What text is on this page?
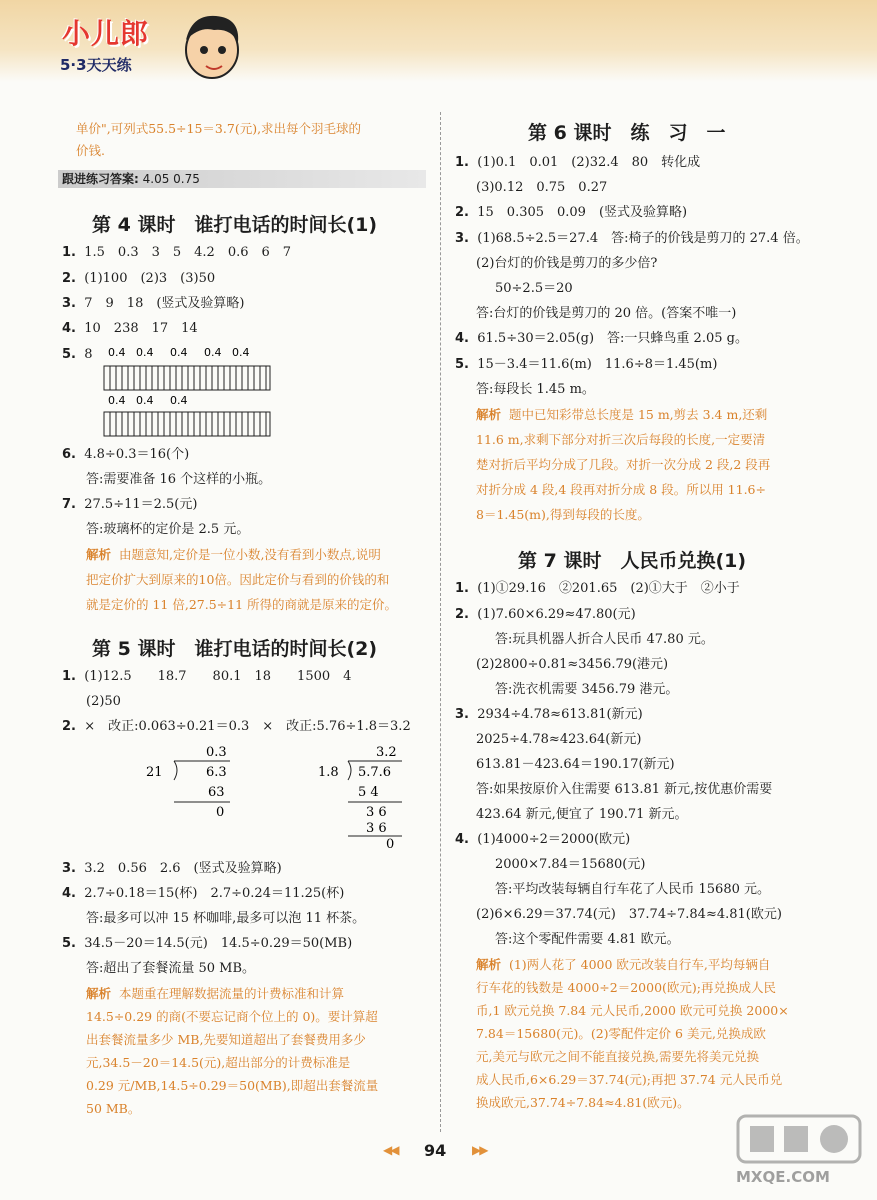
小儿郎
5·3天天练
单价",可列式55.5÷15＝3.7(元),求出每个羽毛球的
价钱.
跟进练习答案: 4.05 0.75
第 4 课时　谁打电话的时间长(1)
1. 1.5　0.3　3　5　4.2　0.6　6　7
2. (1)100　(2)3　(3)50
3. 7　9　18　(竖式及验算略)
4. 10　238　17　14
5. 8 0.4 0.4 0.4 0.4 0.4
0.4 0.4 0.4
6. 4.8÷0.3＝16(个)
答:需要准备 16 个这样的小瓶。
7. 27.5÷11＝2.5(元)
答:玻璃杯的定价是 2.5 元。
解析 由题意知,定价是一位小数,没有看到小数点,说明
把定价扩大到原来的10倍。因此定价与看到的价钱的和
就是定价的 11 倍,27.5÷11 所得的商就是原来的定价。
第 5 课时　谁打电话的时间长(2)
1. (1)12.5　　18.7　　80.1　18　　1500　4
(2)50
2. ×　改正:0.063÷0.21＝0.3　×　改正:5.76÷1.8＝3.2
0.3
21	6.3
63
0
3.2
1.8 5.7.6
5 4
3 6
3 6
0
3. 3.2　0.56　2.6　(竖式及验算略)
4. 2.7÷0.18＝15(杯)　2.7÷0.24＝11.25(杯)
答:最多可以冲 15 杯咖啡,最多可以泡 11 杯茶。
5. 34.5－20＝14.5(元)　14.5÷0.29＝50(MB)
答:超出了套餐流量 50 MB。
解析 本题重在理解数据流量的计费标准和计算
14.5÷0.29 的商(不要忘记商个位上的 0)。要计算超
出套餐流量多少 MB,先要知道超出了套餐费用多少
元,34.5－20＝14.5(元),超出部分的计费标准是
0.29 元/MB,14.5÷0.29＝50(MB),即超出套餐流量
50 MB。
第 6 课时　练　习　一
1. (1)0.1　0.01　(2)32.4　80　转化成
(3)0.12　0.75　0.27
2. 15　0.305　0.09　(竖式及验算略)
3. (1)68.5÷2.5＝27.4　答:椅子的价钱是剪刀的 27.4 倍。
(2)台灯的价钱是剪刀的多少倍?
50÷2.5＝20
答:台灯的价钱是剪刀的 20 倍。(答案不唯一)
4. 61.5÷30＝2.05(g)　答:一只蜂鸟重 2.05 g。
5. 15－3.4＝11.6(m)　11.6÷8＝1.45(m)
答:每段长 1.45 m。
解析 题中已知彩带总长度是 15 m,剪去 3.4 m,还剩
11.6 m,求剩下部分对折三次后每段的长度,一定要清
楚对折后平均分成了几段。对折一次分成 2 段,2 段再
对折分成 4 段,4 段再对折分成 8 段。所以用 11.6÷
8＝1.45(m),得到每段的长度。
第 7 课时　人民币兑换(1)
1. (1)①29.16　②201.65　(2)①大于　②小于
2. (1)7.60×6.29≈47.80(元)
答:玩具机器人折合人民币 47.80 元。
(2)2800÷0.81≈3456.79(港元)
答:洗衣机需要 3456.79 港元。
3. 2934÷4.78≈613.81(新元)
2025÷4.78≈423.64(新元)
613.81－423.64＝190.17(新元)
答:如果按原价入住需要 613.81 新元,按优惠价需要
423.64 新元,便宜了 190.71 新元。
4. (1)4000÷2＝2000(欧元)
2000×7.84＝15680(元)
答:平均改装每辆自行车花了人民币 15680 元。
(2)6×6.29＝37.74(元)　37.74÷7.84≈4.81(欧元)
答:这个零配件需要 4.81 欧元。
解析 (1)两人花了 4000 欧元改装自行车,平均每辆自
行车花的钱数是 4000÷2＝2000(欧元);再兑换成人民
币,1 欧元兑换 7.84 元人民币,2000 欧元可兑换 2000×
7.84＝15680(元)。(2)零配件定价 6 美元,兑换成欧
元,美元与欧元之间不能直接兑换,需要先将美元兑换
成人民币,6×6.29＝37.74(元);再把 37.74 元人民币兑
换成欧元,37.74÷7.84≈4.81(欧元)。
◀◀ 94 ▶▶
MXQE.COM
